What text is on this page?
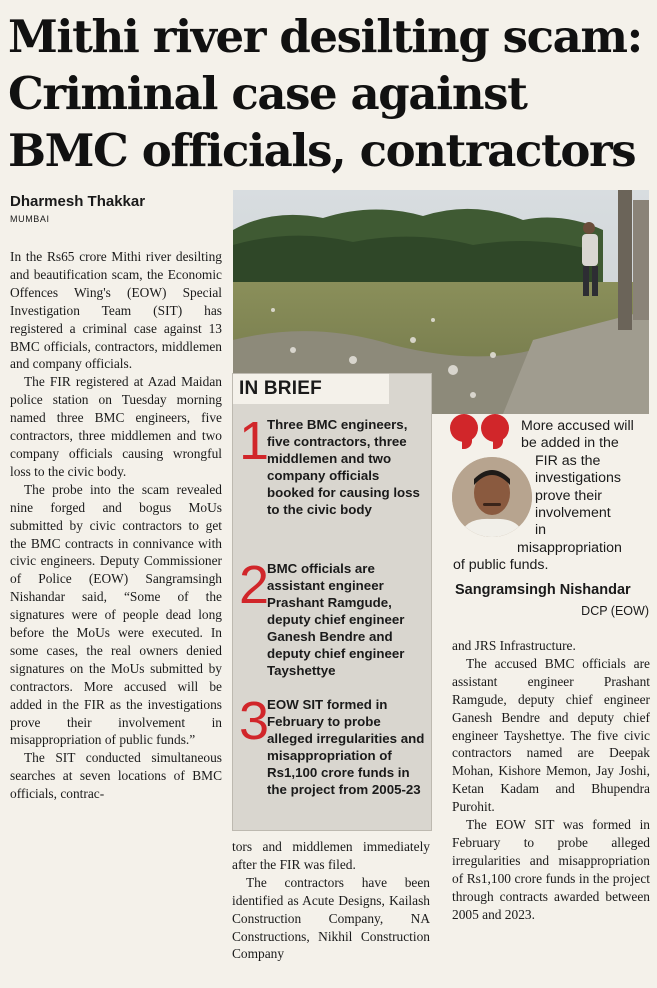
Mithi river desilting scam:
Criminal case against
BMC officials, contractors
Dharmesh Thakkar
MUMBAI

In the Rs65 crore Mithi river desilting and beautification scam, the Economic Offences Wing's (EOW) Special Investigation Team (SIT) has registered a criminal case against 13 BMC officials, contractors, middlemen and company officials.

The FIR registered at Azad Maidan police station on Tuesday morning named three BMC engineers, five contractors, three middlemen and two company officials causing wrongful loss to the civic body.

The probe into the scam revealed nine forged and bogus MoUs submitted by civic contractors to get the BMC contracts in connivance with civic engineers. Deputy Commissioner of Police (EOW) Sangramsingh Nishandar said, “Some of the signatures were of people dead long before the MoUs were executed. In some cases, the real owners denied signatures on the MoUs submitted by contractors. More accused will be added in the FIR as the investigations prove their involvement in misappropriation of public funds.”

The SIT conducted simultaneous searches at seven locations of BMC officials, contrac-

IN BRIEF
1
Three BMC engineers, five contractors, three middlemen and two company officials booked for causing loss to the civic body
2
BMC officials are assistant engineer Prashant Ramgude, deputy chief engineer Ganesh Bendre and deputy chief engineer Tayshettye
3
EOW SIT formed in February to probe alleged irregularities and misappropriation of Rs1,100 crore funds in the project from 2005-23
More accused will
be added in the
FIR as the
investigations
prove their
involvement
in
misappropriation
of public funds.
Sangramsingh Nishandar
DCP (EOW)

tors and middlemen immediately after the FIR was filed.

The contractors have been identified as Acute Designs, Kailash Construction Company, NA Constructions, Nikhil Construction Company

and JRS Infrastructure.

The accused BMC officials are assistant engineer Prashant Ramgude, deputy chief engineer Ganesh Bendre and deputy chief engineer Tayshettye. The five civic contractors named are Deepak Mohan, Kishore Memon, Jay Joshi, Ketan Kadam and Bhupendra Purohit.

The EOW SIT was formed in February to probe alleged irregularities and misappropriation of Rs1,100 crore funds in the project through contracts awarded between 2005 and 2023.
